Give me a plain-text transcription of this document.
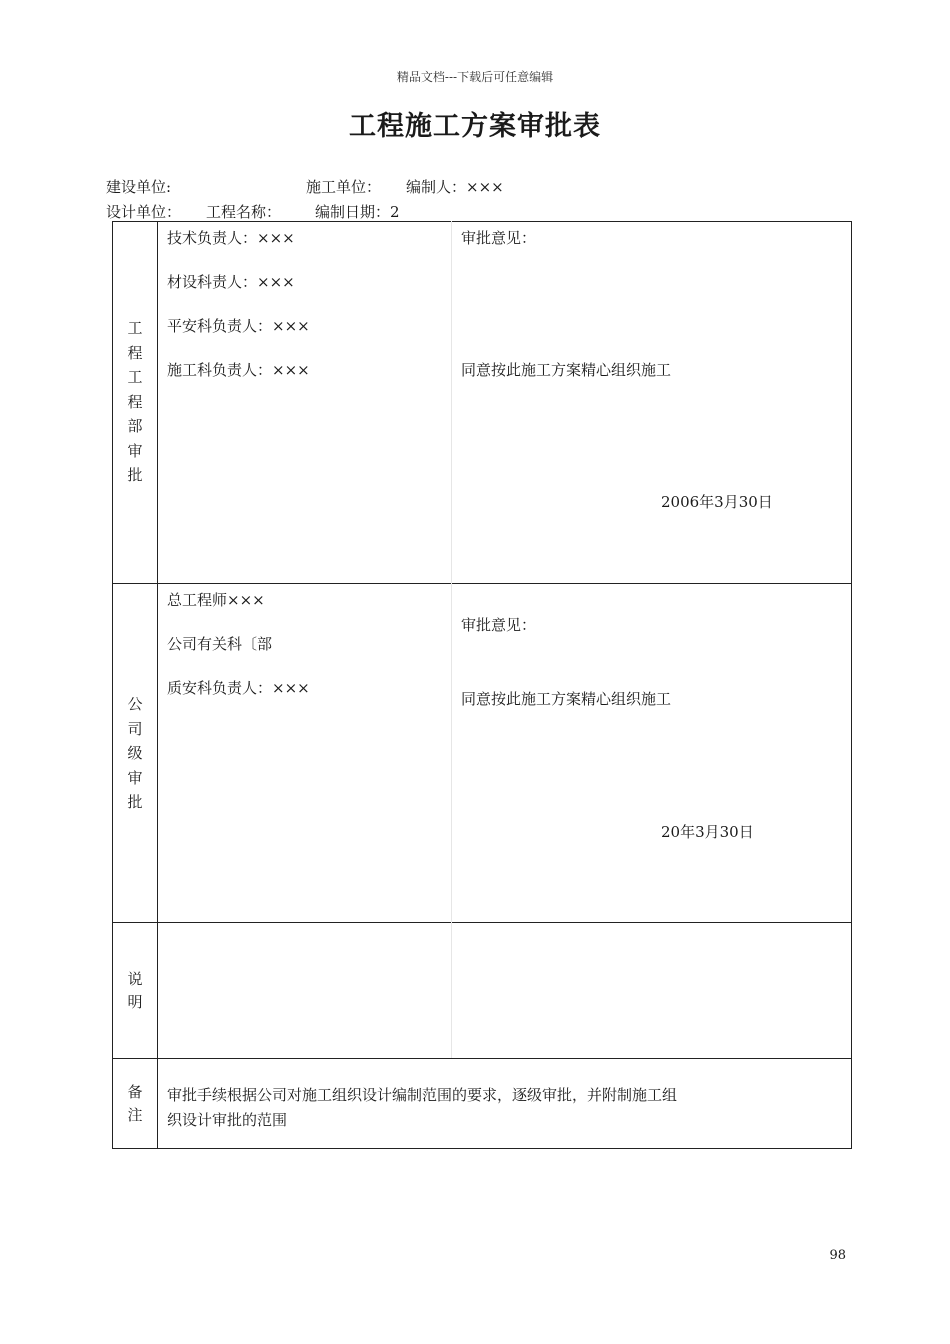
精品文档---下载后可任意编辑
工程施工方案审批表
建设单位:	施工单位： 编制人：×××
设计单位： 工程名称： 编制日期：2
工
程
工
程
部
审
批
技术负责人：×××
材设科责人：×××
平安科负责人：×××
施工科负责人：×××
审批意见：
同意按此施工方案精心组织施工
2006年3月30日
公
司
级
审
批
总工程师×××
公司有关科〔部
质安科负责人：×××
审批意见：
同意按此施工方案精心组织施工
20年3月30日
说
明
备
注
审批手续根据公司对施工组织设计编制范围的要求，逐级审批，并附制施工组
织设计审批的范围
98
